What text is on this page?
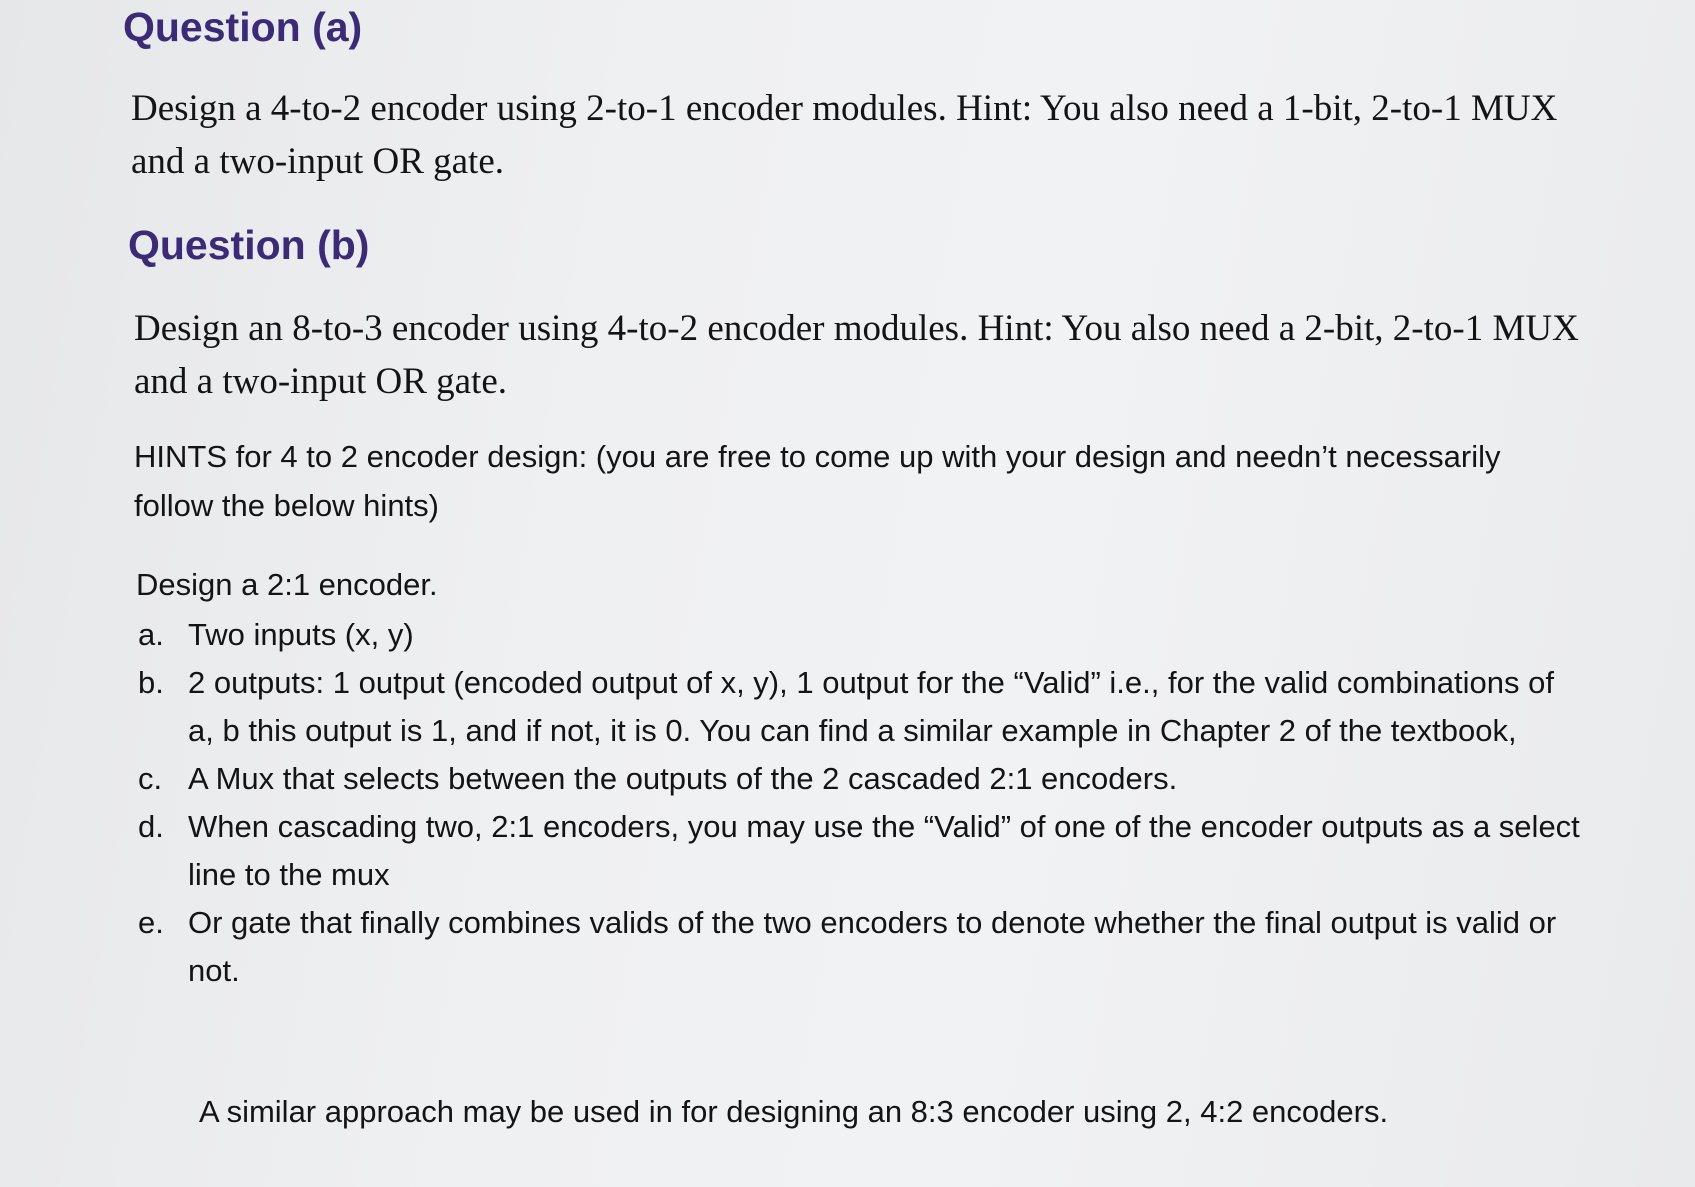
Question (a)

Design a 4-to-2 encoder using 2-to-1 encoder modules. Hint: You also need a 1-bit, 2-to-1 MUX and a two-input OR gate.

Question (b)

Design an 8-to-3 encoder using 4-to-2 encoder modules. Hint: You also need a 2-bit, 2-to-1 MUX and a two-input OR gate.

HINTS for 4 to 2 encoder design: (you are free to come up with your design and needn’t necessarily follow the below hints)

Design a 2:1 encoder.

a. Two inputs (x, y)
b. 2 outputs: 1 output (encoded output of x, y), 1 output for the “Valid” i.e., for the valid combinations of a, b this output is 1, and if not, it is 0. You can find a similar example in Chapter 2 of the textbook,
c. A Mux that selects between the outputs of the 2 cascaded 2:1 encoders.
d. When cascading two, 2:1 encoders, you may use the “Valid” of one of the encoder outputs as a select line to the mux
e. Or gate that finally combines valids of the two encoders to denote whether the final output is valid or not.

A similar approach may be used in for designing an 8:3 encoder using 2, 4:2 encoders.
